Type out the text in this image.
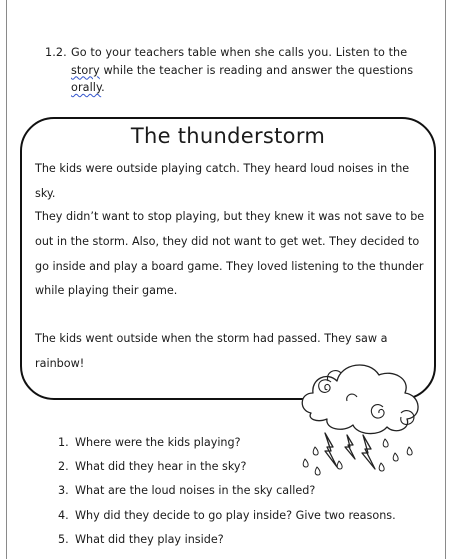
1.2. Go to your teachers table when she calls you. Listen to the story while the teacher is reading and answer the questions orally.
The thunderstorm
The kids were outside playing catch. They heard loud noises in the sky.
They didn’t want to stop playing, but they knew it was not save to be out in the storm. Also, they did not want to get wet. They decided to go inside and play a board game. They loved listening to the thunder while playing their game.
The kids went outside when the storm had passed. They saw a rainbow!
1. Where were the kids playing?
2. What did they hear in the sky?
3. What are the loud noises in the sky called?
4. Why did they decide to go play inside? Give two reasons.
5. What did they play inside?
